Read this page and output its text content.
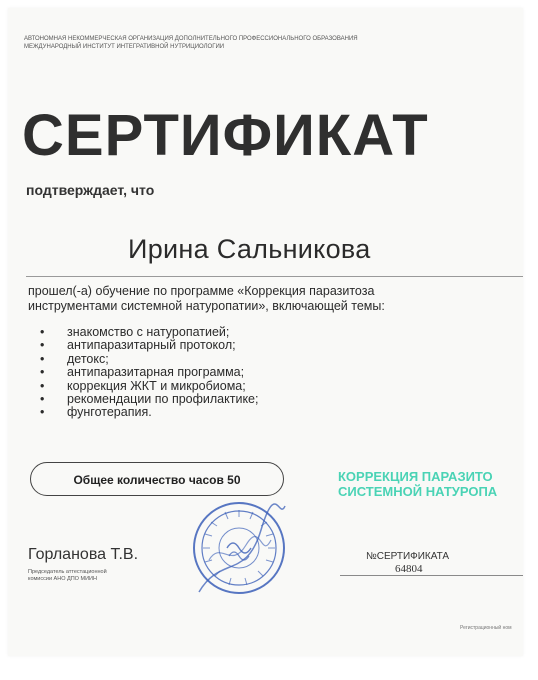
АВТОНОМНАЯ НЕКОММЕРЧЕСКАЯ ОРГАНИЗАЦИЯ ДОПОЛНИТЕЛЬНОГО ПРОФЕССИОНАЛЬНОГО ОБРАЗОВАНИЯ
МЕЖДУНАРОДНЫЙ ИНСТИТУТ ИНТЕГРАТИВНОЙ НУТРИЦИОЛОГИИ
СЕРТИФИКАТ
подтверждает, что
Ирина Сальникова
прошел(-а) обучение по программе «Коррекция паразитоза
инструментами системной натуропатии», включающей темы:
• знакомство с натуропатией;
• антипаразитарный протокол;
• детокс;
• антипаразитарная программа;
• коррекция ЖКТ и микробиома;
• рекомендации по профилактике;
• фунготерапия.
Общее количество часов 50	КОРРЕКЦИЯ ПАРАЗИТО
СИСТЕМНОЙ НАТУРОПА
Горланова Т.В.
Председатель аттестационной
комиссии АНО ДПО МИИН
№СЕРТИФИКАТА
64804
Регистрационный ном
